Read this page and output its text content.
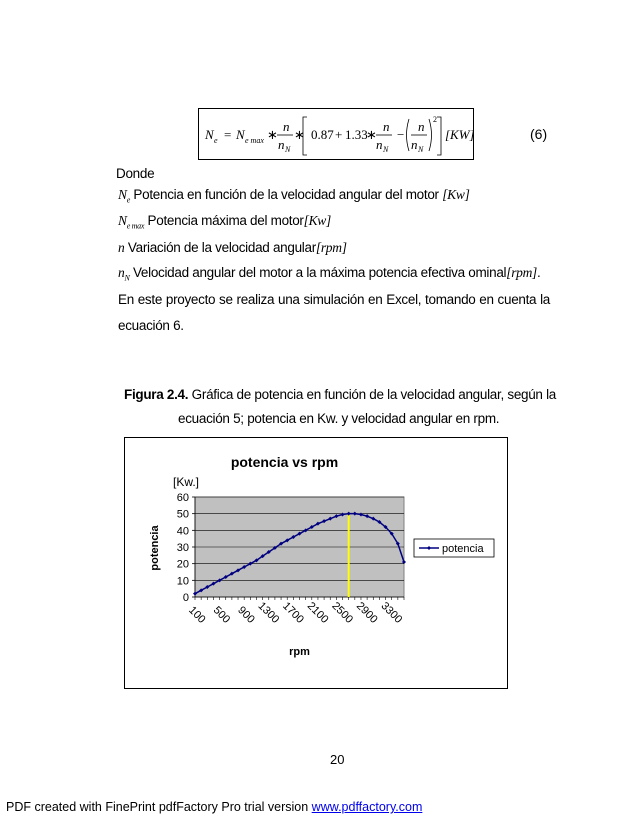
N e = N e max ∗
n
n N
∗ 0.87 + 1.33
∗
n
n N
−
n
n N
2
[KW]	(6)
Donde
$N_e$ Potencia en función de la velocidad angular del motor [Kw]
$N_{e max}$ Potencia máxima del motor[Kw]
n Variación de la velocidad angular[rpm]
$n_N$ Velocidad angular del motor a la máxima potencia efectiva ominal[rpm].
En este proyecto se realiza una simulación en Excel, tomando en cuenta la
ecuación 6.
Figura 2.4. Gráfica de potencia en función de la velocidad angular, según la
ecuación 5; potencia en Kw. y velocidad angular en rpm.
0
10
20
30
40
50
60
100 500 900
1300
1700
2100
2500
2900
3300
potencia vs rpm
[Kw.]
potencia
rpm
potencia
20
PDF created with FinePrint pdfFactory Pro trial version www.pdffactory.com
